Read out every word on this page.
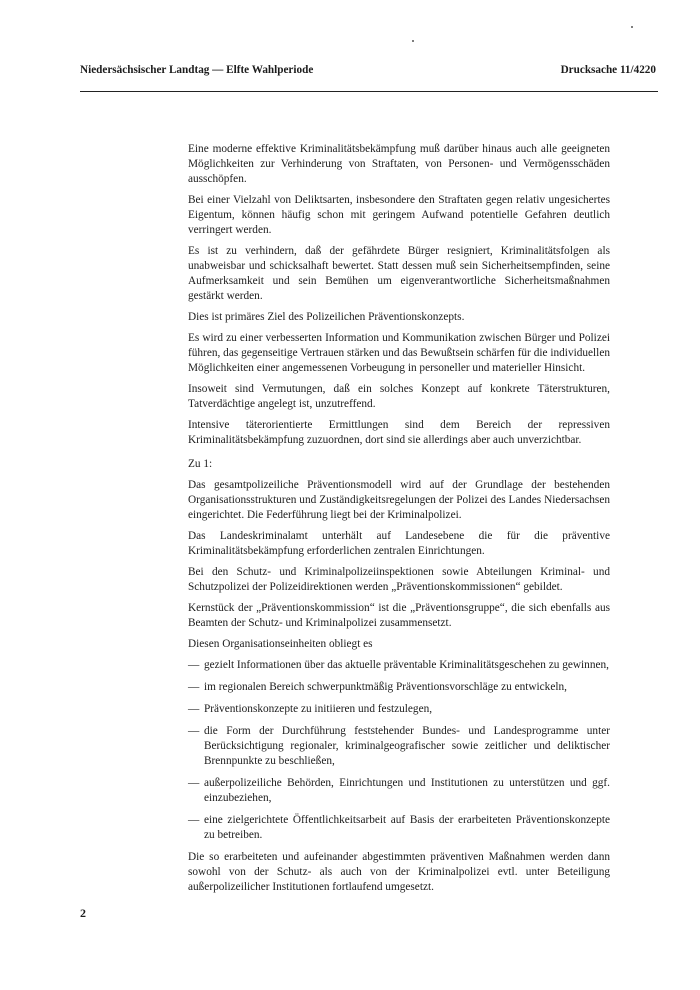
Niedersächsischer Landtag — Elfte Wahlperiode	Drucksache 11/4220

Eine moderne effektive Kriminalitätsbekämpfung muß darüber hinaus auch alle geeigneten Möglichkeiten zur Verhinderung von Straftaten, von Personen- und Vermögensschäden ausschöpfen.

Bei einer Vielzahl von Deliktsarten, insbesondere den Straftaten gegen relativ ungesichertes Eigentum, können häufig schon mit geringem Aufwand potentielle Gefahren deutlich verringert werden.

Es ist zu verhindern, daß der gefährdete Bürger resigniert, Kriminalitätsfolgen als unabweisbar und schicksalhaft bewertet. Statt dessen muß sein Sicherheitsempfinden, seine Aufmerksamkeit und sein Bemühen um eigenverantwortliche Sicherheitsmaßnahmen gestärkt werden.

Dies ist primäres Ziel des Polizeilichen Präventionskonzepts.

Es wird zu einer verbesserten Information und Kommunikation zwischen Bürger und Polizei führen, das gegenseitige Vertrauen stärken und das Bewußtsein schärfen für die individuellen Möglichkeiten einer angemessenen Vorbeugung in personeller und materieller Hinsicht.

Insoweit sind Vermutungen, daß ein solches Konzept auf konkrete Täterstrukturen, Tatverdächtige angelegt ist, unzutreffend.

Intensive täterorientierte Ermittlungen sind dem Bereich der repressiven Kriminalitätsbekämpfung zuzuordnen, dort sind sie allerdings aber auch unverzichtbar.

Zu 1:

Das gesamtpolizeiliche Präventionsmodell wird auf der Grundlage der bestehenden Organisationsstrukturen und Zuständigkeitsregelungen der Polizei des Landes Niedersachsen eingerichtet. Die Federführung liegt bei der Kriminalpolizei.

Das Landeskriminalamt unterhält auf Landesebene die für die präventive Kriminalitätsbekämpfung erforderlichen zentralen Einrichtungen.

Bei den Schutz- und Kriminalpolizeiinspektionen sowie Abteilungen Kriminal- und Schutzpolizei der Polizeidirektionen werden „Präventionskommissionen“ gebildet.

Kernstück der „Präventionskommission“ ist die „Präventionsgruppe“, die sich ebenfalls aus Beamten der Schutz- und Kriminalpolizei zusammensetzt.

Diesen Organisationseinheiten obliegt es

— gezielt Informationen über das aktuelle präventable Kriminalitätsgeschehen zu gewinnen,
— im regionalen Bereich schwerpunktmäßig Präventionsvorschläge zu entwickeln,
— Präventionskonzepte zu initiieren und festzulegen,
— die Form der Durchführung feststehender Bundes- und Landesprogramme unter Berücksichtigung regionaler, kriminalgeografischer sowie zeitlicher und deliktischer Brennpunkte zu beschließen,
— außerpolizeiliche Behörden, Einrichtungen und Institutionen zu unterstützen und ggf. einzubeziehen,
— eine zielgerichtete Öffentlichkeitsarbeit auf Basis der erarbeiteten Präventionskonzepte zu betreiben.

Die so erarbeiteten und aufeinander abgestimmten präventiven Maßnahmen werden dann sowohl von der Schutz- als auch von der Kriminalpolizei evtl. unter Beteiligung außerpolizeilicher Institutionen fortlaufend umgesetzt.

2
